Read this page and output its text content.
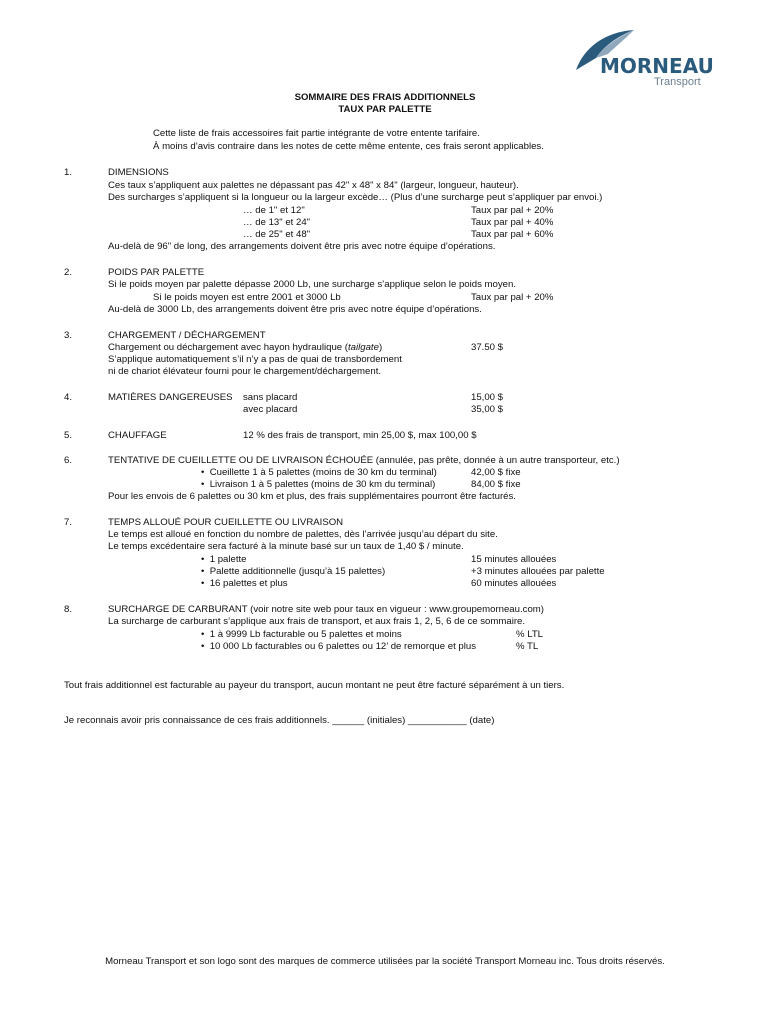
MORNEAU
Transport
SOMMAIRE DES FRAIS ADDITIONNELS
TAUX PAR PALETTE
Cette liste de frais accessoires fait partie intégrante de votre entente tarifaire.
À moins d’avis contraire dans les notes de cette même entente, ces frais seront applicables.
1.	DIMENSIONS
Ces taux s’appliquent aux palettes ne dépassant pas 42" x 48" x 84" (largeur, longueur, hauteur).
Des surcharges s’appliquent si la longueur ou la largeur excède… (Plus d’une surcharge peut s’appliquer par envoi.)
… de 1" et 12"	Taux par pal + 20%
… de 13" et 24"	Taux par pal + 40%
… de 25" et 48"	Taux par pal + 60%
Au-delà de 96" de long, des arrangements doivent être pris avec notre équipe d’opérations.
2.	POIDS PAR PALETTE
Si le poids moyen par palette dépasse 2000 Lb, une surcharge s’applique selon le poids moyen.
Si le poids moyen est entre 2001 et 3000 Lb	Taux par pal + 20%
Au-delà de 3000 Lb, des arrangements doivent être pris avec notre équipe d’opérations.
3.	CHARGEMENT / DÉCHARGEMENT
Chargement ou déchargement avec hayon hydraulique (tailgate)	37.50 $
S’applique automatiquement s’il n’y a pas de quai de transbordement
ni de chariot élévateur fourni pour le chargement/déchargement.
4.	MATIÈRES DANGEREUSES sans placard	15,00 $
avec placard	35,00 $
5.	CHAUFFAGE	12 % des frais de transport, min 25,00 $, max 100,00 $
6.	TENTATIVE DE CUEILLETTE OU DE LIVRAISON ÉCHOUÉE (annulée, pas prête, donnée à un autre transporteur, etc.)
•  Cueillette 1 à 5 palettes (moins de 30 km du terminal)	42,00 $ fixe
•  Livraison 1 à 5 palettes (moins de 30 km du terminal)	84,00 $ fixe
Pour les envois de 6 palettes ou 30 km et plus, des frais supplémentaires pourront être facturés.
7.	TEMPS ALLOUÉ POUR CUEILLETTE OU LIVRAISON
Le temps est alloué en fonction du nombre de palettes, dès l’arrivée jusqu’au départ du site.
Le temps excédentaire sera facturé à la minute basé sur un taux de 1,40 $ / minute.
•  1 palette	15 minutes allouées
•  Palette additionnelle (jusqu’à 15 palettes)	+3 minutes allouées par palette
•  16 palettes et plus	60 minutes allouées
8.	SURCHARGE DE CARBURANT (voir notre site web pour taux en vigueur : www.groupemorneau.com)
La surcharge de carburant s’applique aux frais de transport, et aux frais 1, 2, 5, 6 de ce sommaire.
•  1 à 9999 Lb facturable ou 5 palettes et moins	% LTL
•  10 000 Lb facturables ou 6 palettes ou 12’ de remorque et plus	% TL
Tout frais additionnel est facturable au payeur du transport, aucun montant ne peut être facturé séparément à un tiers.
Je reconnais avoir pris connaissance de ces frais additionnels. ______ (initiales) ___________ (date)
Morneau Transport et son logo sont des marques de commerce utilisées par la société Transport Morneau inc. Tous droits réservés.
